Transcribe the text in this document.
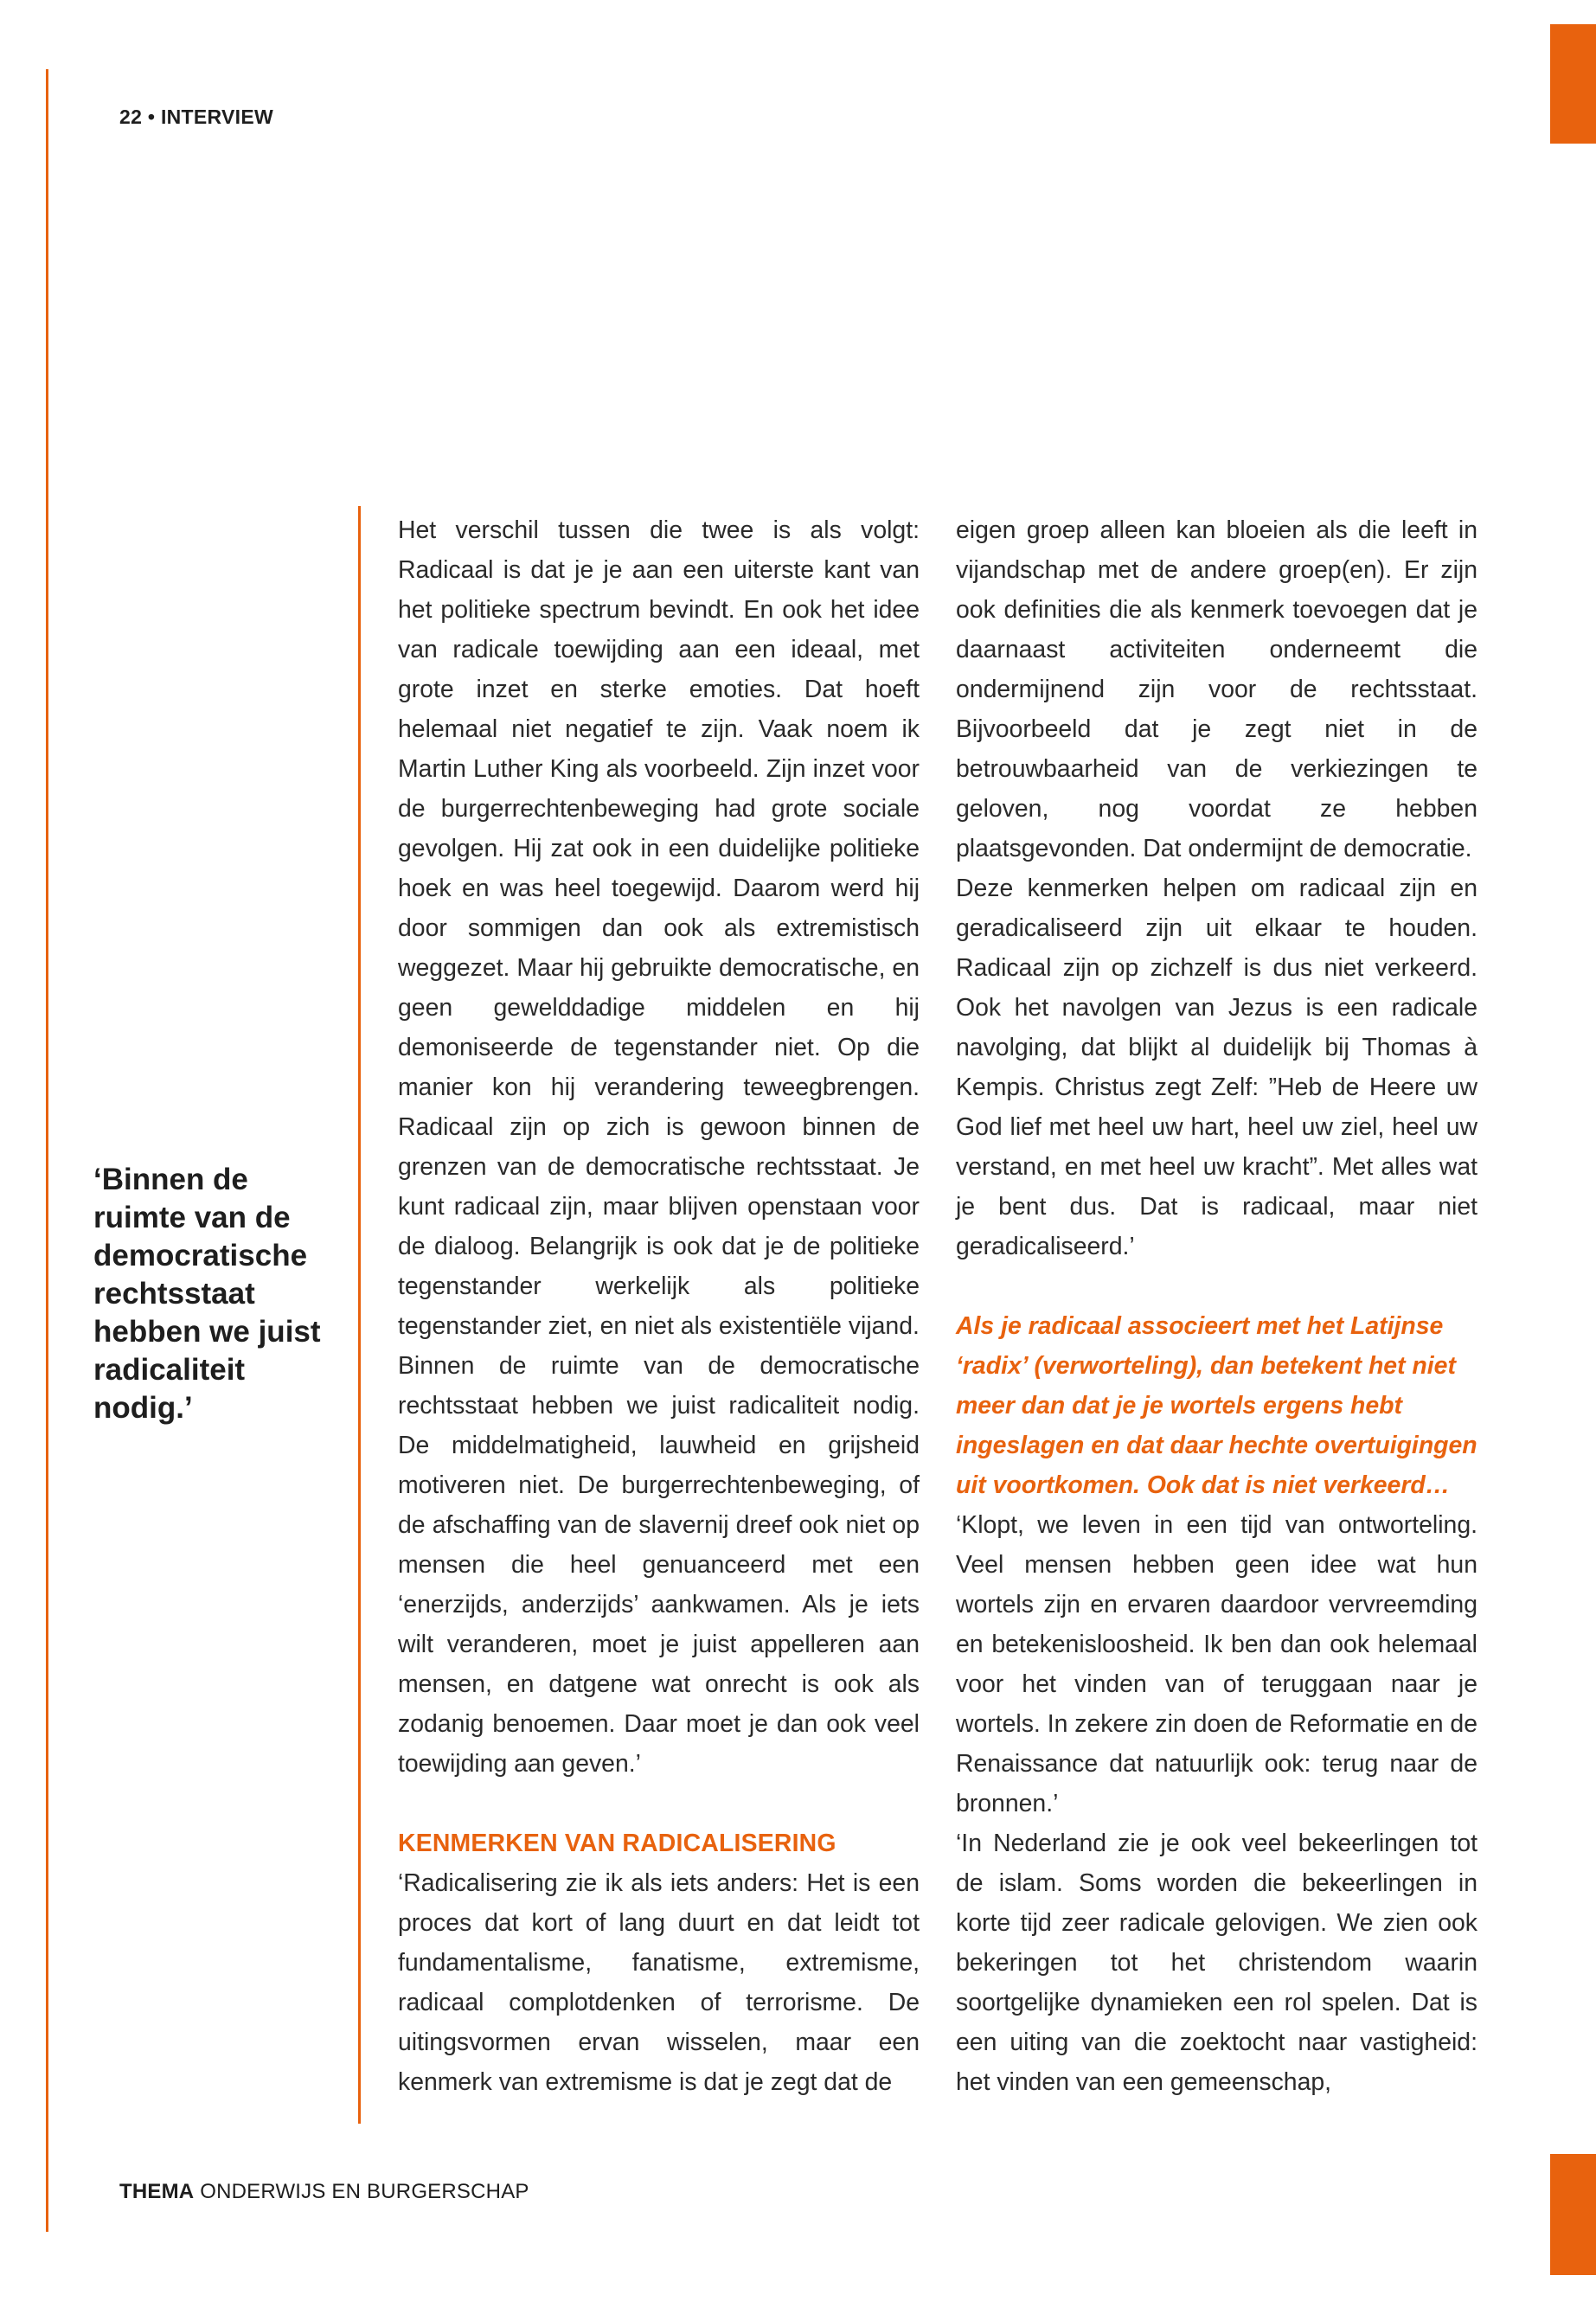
22 • INTERVIEW
‘Binnen de ruimte van de democratische rechtsstaat hebben we juist radicaliteit nodig.’

Het verschil tussen die twee is als volgt: Radicaal is dat je je aan een uiterste kant van het politieke spectrum bevindt. En ook het idee van radicale toewijding aan een ideaal, met grote inzet en sterke emoties. Dat hoeft helemaal niet negatief te zijn. Vaak noem ik Martin Luther King als voorbeeld. Zijn inzet voor de burgerrechtenbeweging had grote sociale gevolgen. Hij zat ook in een duidelijke politieke hoek en was heel toegewijd. Daarom werd hij door sommigen dan ook als extremistisch weggezet. Maar hij gebruikte democratische, en geen gewelddadige middelen en hij demoniseerde de tegenstander niet. Op die manier kon hij verandering teweegbrengen. Radicaal zijn op zich is gewoon binnen de grenzen van de democratische rechtsstaat. Je kunt radicaal zijn, maar blijven openstaan voor de dialoog. Belangrijk is ook dat je de politieke tegenstander werkelijk als politieke tegenstander ziet, en niet als existentiële vijand.

Binnen de ruimte van de democratische rechtsstaat hebben we juist radicaliteit nodig. De middelmatigheid, lauwheid en grijsheid motiveren niet. De burgerrechtenbeweging, of de afschaffing van de slavernij dreef ook niet op mensen die heel genuanceerd met een ‘enerzijds, anderzijds’ aankwamen. Als je iets wilt veranderen, moet je juist appelleren aan mensen, en datgene wat onrecht is ook als zodanig benoemen. Daar moet je dan ook veel toewijding aan geven.’

KENMERKEN VAN RADICALISERING

‘Radicalisering zie ik als iets anders: Het is een proces dat kort of lang duurt en dat leidt tot fundamentalisme, fanatisme, extremisme, radicaal complotdenken of terrorisme. De uitingsvormen ervan wisselen, maar een kenmerk van extremisme is dat je zegt dat de

eigen groep alleen kan bloeien als die leeft in vijandschap met de andere groep(en). Er zijn ook definities die als kenmerk toevoegen dat je daarnaast activiteiten onderneemt die ondermijnend zijn voor de rechtsstaat. Bijvoorbeeld dat je zegt niet in de betrouwbaarheid van de verkiezingen te geloven, nog voordat ze hebben plaatsgevonden. Dat ondermijnt de democratie.

Deze kenmerken helpen om radicaal zijn en geradicaliseerd zijn uit elkaar te houden. Radicaal zijn op zichzelf is dus niet verkeerd. Ook het navolgen van Jezus is een radicale navolging, dat blijkt al duidelijk bij Thomas à Kempis. Christus zegt Zelf: ”Heb de Heere uw God lief met heel uw hart, heel uw ziel, heel uw verstand, en met heel uw kracht”. Met alles wat je bent dus. Dat is radicaal, maar niet geradicaliseerd.’

Als je radicaal associeert met het Latijnse ‘radix’ (verworteling), dan betekent het niet meer dan dat je je wortels ergens hebt ingeslagen en dat daar hechte overtuigingen uit voortkomen. Ook dat is niet verkeerd…

‘Klopt, we leven in een tijd van ontworteling. Veel mensen hebben geen idee wat hun wortels zijn en ervaren daardoor vervreemding en betekenisloosheid. Ik ben dan ook helemaal voor het vinden van of teruggaan naar je wortels. In zekere zin doen de Reformatie en de Renaissance dat natuurlijk ook: terug naar de bronnen.’

‘In Nederland zie je ook veel bekeerlingen tot de islam. Soms worden die bekeerlingen in korte tijd zeer radicale gelovigen. We zien ook bekeringen tot het christendom waarin soortgelijke dynamieken een rol spelen. Dat is een uiting van die zoektocht naar vastigheid: het vinden van een gemeenschap,

THEMA ONDERWIJS EN BURGERSCHAP
